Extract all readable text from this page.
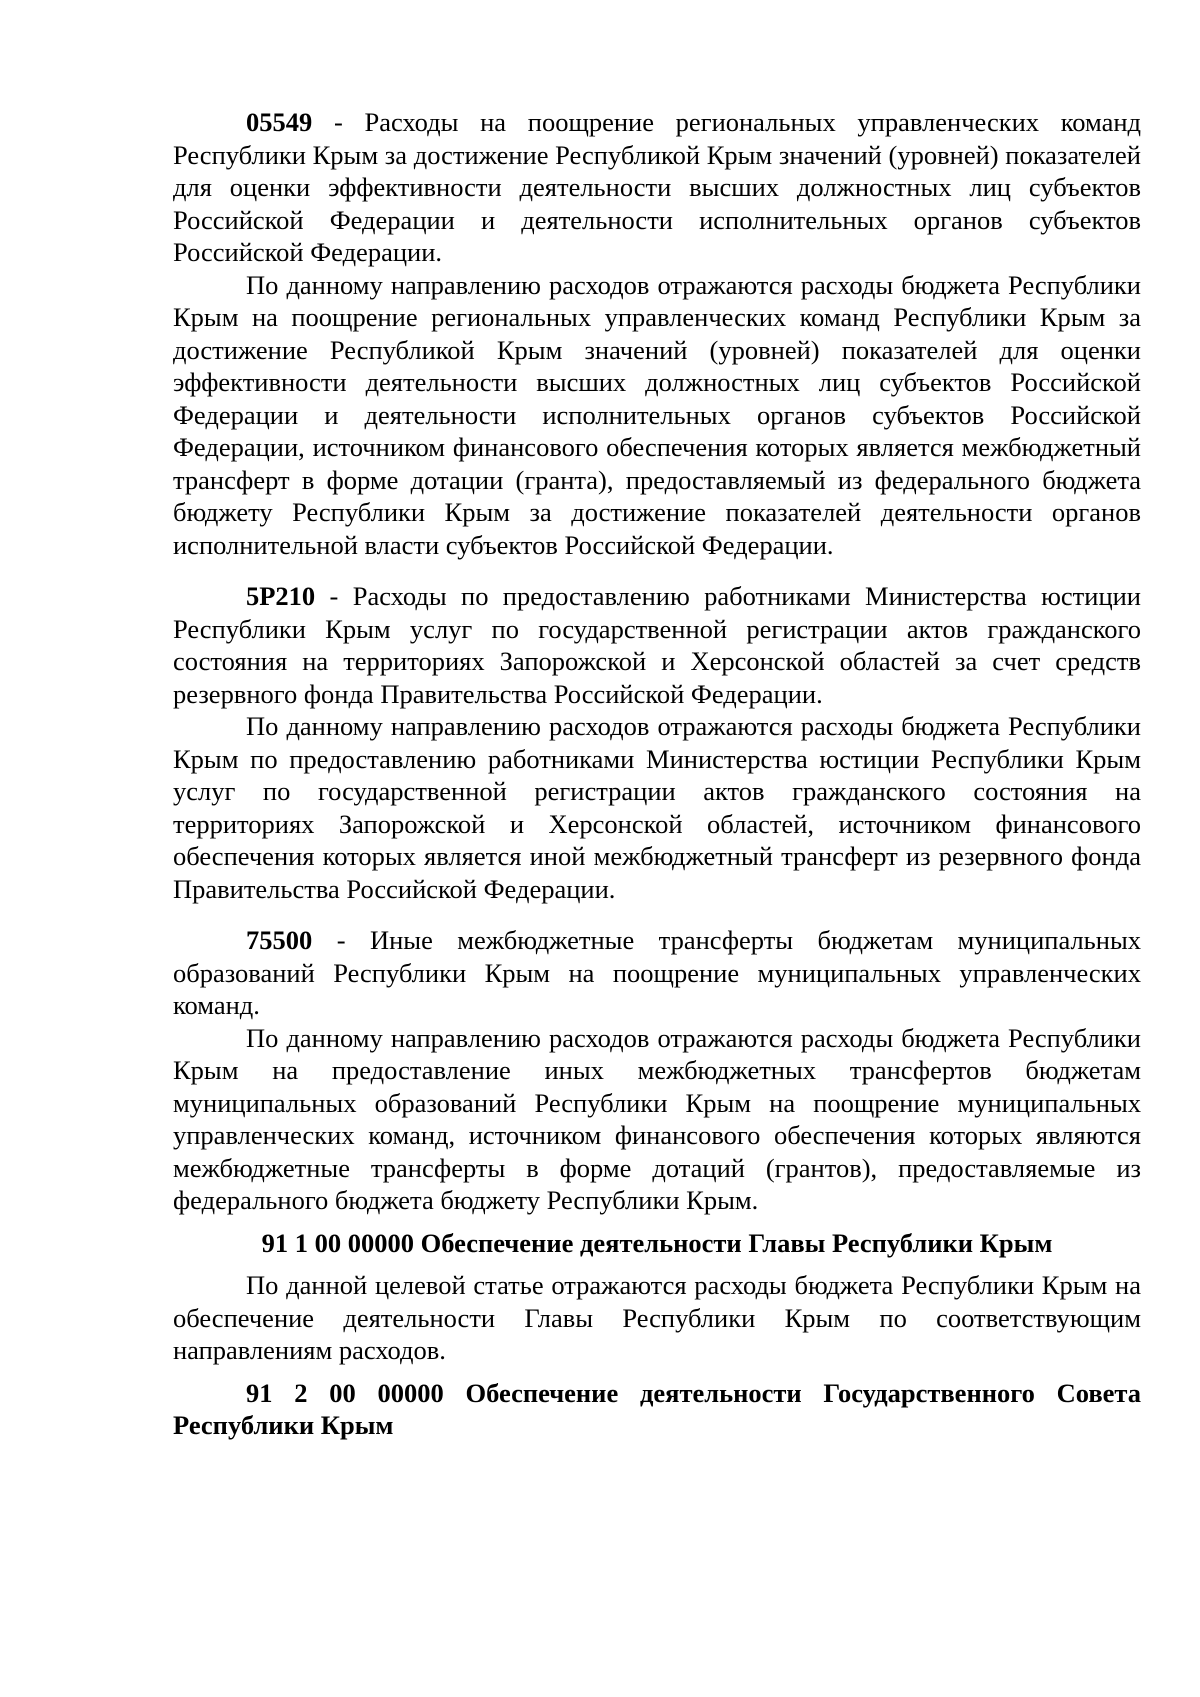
05549 - Расходы на поощрение региональных управленческих команд Республики Крым за достижение Республикой Крым значений (уровней) показателей для оценки эффективности деятельности высших должностных лиц субъектов Российской Федерации и деятельности исполнительных органов субъектов Российской Федерации.

По данному направлению расходов отражаются расходы бюджета Республики Крым на поощрение региональных управленческих команд Республики Крым за достижение Республикой Крым значений (уровней) показателей для оценки эффективности деятельности высших должностных лиц субъектов Российской Федерации и деятельности исполнительных органов субъектов Российской Федерации, источником финансового обеспечения которых является межбюджетный трансферт в форме дотации (гранта), предоставляемый из федерального бюджета бюджету Республики Крым за достижение показателей деятельности органов исполнительной власти субъектов Российской Федерации.

5Р210 - Расходы по предоставлению работниками Министерства юстиции Республики Крым услуг по государственной регистрации актов гражданского состояния на территориях Запорожской и Херсонской областей за счет средств резервного фонда Правительства Российской Федерации.

По данному направлению расходов отражаются расходы бюджета Республики Крым по предоставлению работниками Министерства юстиции Республики Крым услуг по государственной регистрации актов гражданского состояния на территориях Запорожской и Херсонской областей, источником финансового обеспечения которых является иной межбюджетный трансферт из резервного фонда Правительства Российской Федерации.

75500 - Иные межбюджетные трансферты бюджетам муниципальных образований Республики Крым на поощрение муниципальных управленческих команд.

По данному направлению расходов отражаются расходы бюджета Республики Крым на предоставление иных межбюджетных трансфертов бюджетам муниципальных образований Республики Крым на поощрение муниципальных управленческих команд, источником финансового обеспечения которых являются межбюджетные трансферты в форме дотаций (грантов), предоставляемые из федерального бюджета бюджету Республики Крым.

91 1 00 00000 Обеспечение деятельности Главы Республики Крым

По данной целевой статье отражаются расходы бюджета Республики Крым на обеспечение деятельности Главы Республики Крым по соответствующим направлениям расходов.

91 2 00 00000 Обеспечение деятельности Государственного Совета Республики Крым
